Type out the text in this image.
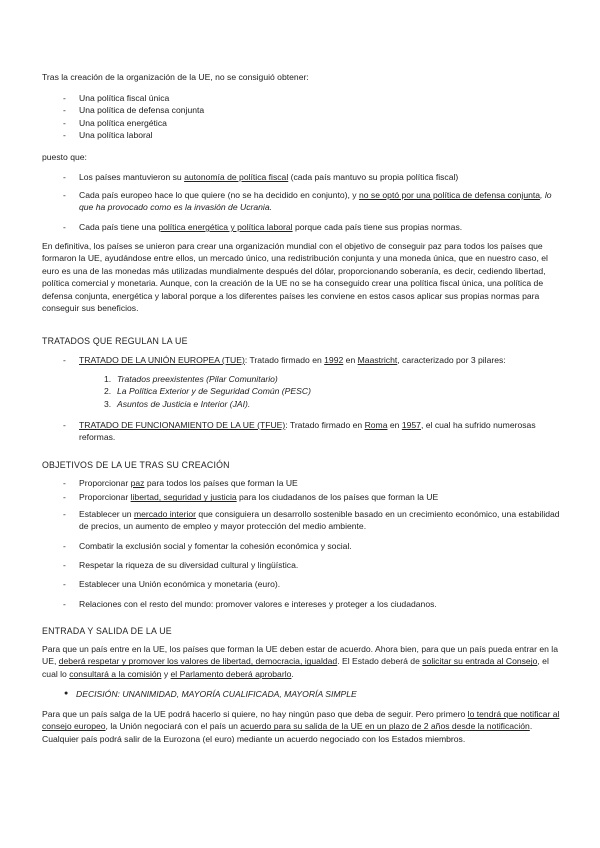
Tras la creación de la organización de la UE, no se consiguió obtener:

- Una política fiscal única
- Una política de defensa conjunta
- Una política energética
- Una política laboral

puesto que:

- Los países mantuvieron su autonomía de política fiscal (cada país mantuvo su propia política fiscal)
- Cada país europeo hace lo que quiere (no se ha decidido en conjunto), y no se optó por una política de defensa conjunta, lo que ha provocado como es la invasión de Ucrania.
- Cada país tiene una política energética y política laboral porque cada país tiene sus propias normas.

En definitiva, los países se unieron para crear una organización mundial con el objetivo de conseguir paz para todos los países que formaron la UE, ayudándose entre ellos, un mercado único, una redistribución conjunta y una moneda única, que en nuestro caso, el euro es una de las monedas más utilizadas mundialmente después del dólar, proporcionando soberanía, es decir, cediendo libertad, política comercial y monetaria. Aunque, con la creación de la UE no se ha conseguido crear una política fiscal única, una política de defensa conjunta, energética y laboral porque a los diferentes países les conviene en estos casos aplicar sus propias normas para conseguir sus beneficios.

TRATADOS QUE REGULAN LA UE
- TRATADO DE LA UNIÓN EUROPEA (TUE): Tratado firmado en 1992 en Maastricht, caracterizado por 3 pilares:
1. Tratados preexistentes (Pilar Comunitario)
2. La Política Exterior y de Seguridad Común (PESC)
3. Asuntos de Justicia e Interior (JAI).
- TRATADO DE FUNCIONAMIENTO DE LA UE (TFUE): Tratado firmado en Roma en 1957, el cual ha sufrido numerosas reformas.
OBJETIVOS DE LA UE TRAS SU CREACIÓN
- Proporcionar paz para todos los países que forman la UE
- Proporcionar libertad, seguridad y justicia para los ciudadanos de los países que forman la UE
- Establecer un mercado interior que consiguiera un desarrollo sostenible basado en un crecimiento económico, una estabilidad de precios, un aumento de empleo y mayor protección del medio ambiente.
- Combatir la exclusión social y fomentar la cohesión económica y social.
- Respetar la riqueza de su diversidad cultural y lingüística.
- Establecer una Unión económica y monetaria (euro).
- Relaciones con el resto del mundo: promover valores e intereses y proteger a los ciudadanos.
ENTRADA Y SALIDA DE LA UE

Para que un país entre en la UE, los países que forman la UE deben estar de acuerdo. Ahora bien, para que un país pueda entrar en la UE, deberá respetar y promover los valores de libertad, democracia, igualdad. El Estado deberá de solicitar su entrada al Consejo, el cual lo consultará a la comisión y el Parlamento deberá aprobarlo.

● DECISIÓN: UNANIMIDAD, MAYORÍA CUALIFICADA, MAYORÍA SIMPLE

Para que un país salga de la UE podrá hacerlo si quiere, no hay ningún paso que deba de seguir. Pero primero lo tendrá que notificar al consejo europeo, la Unión negociará con el país un acuerdo para su salida de la UE en un plazo de 2 años desde la notificación. Cualquier país podrá salir de la Eurozona (el euro) mediante un acuerdo negociado con los Estados miembros.
